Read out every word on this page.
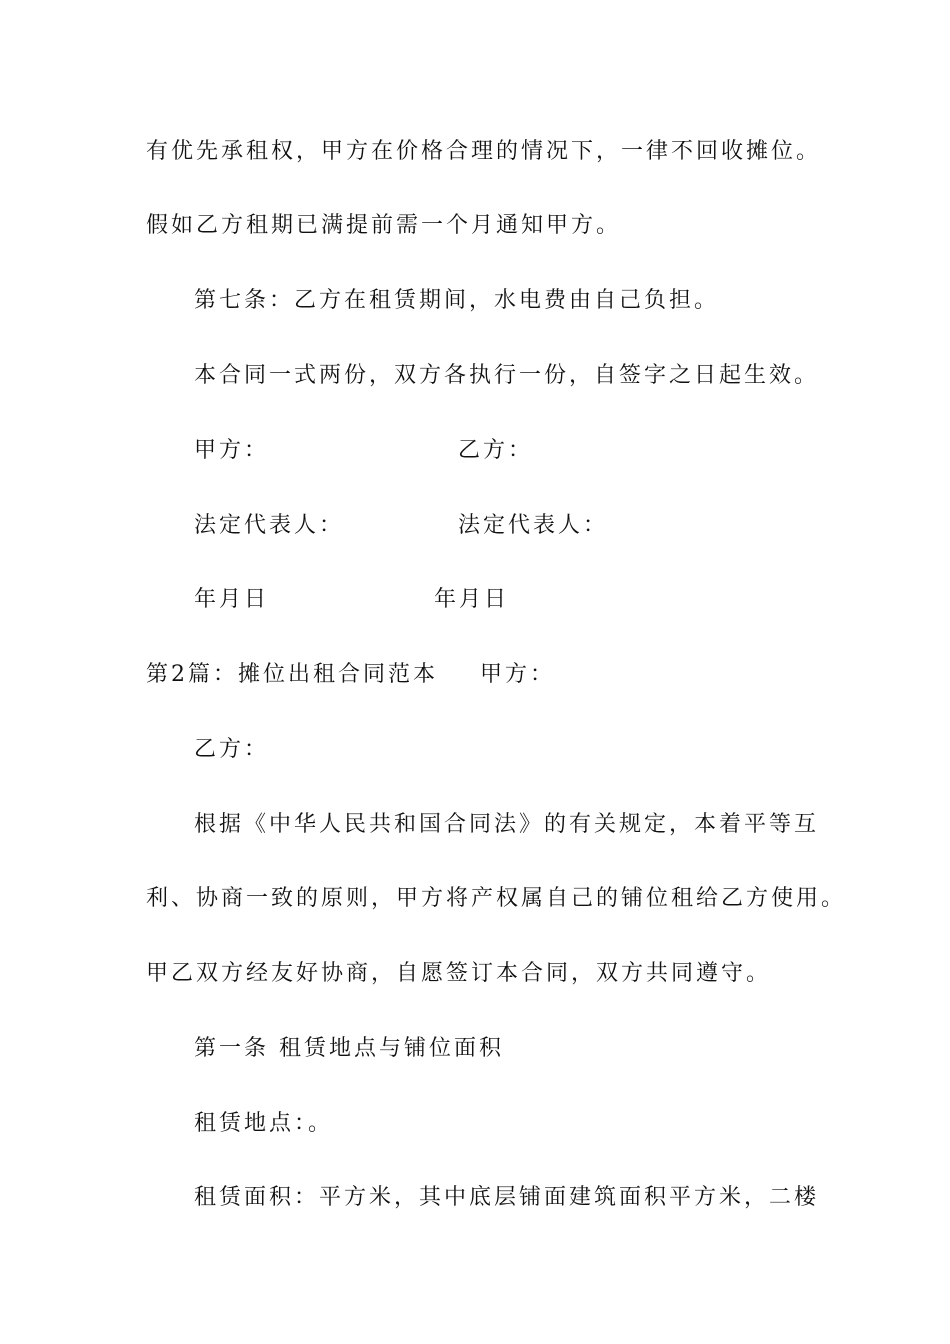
有优先承租权，甲方在价格合理的情况下，一律不回收摊位。
假如乙方租期已满提前需一个月通知甲方。
第七条：乙方在租赁期间，水电费由自己负担。
本合同一式两份，双方各执行一份，自签字之日起生效。
甲方：	乙方：
法定代表人：	法定代表人：
年月日	年月日
第2篇：摊位出租合同范本 甲方：
乙方：
根据《中华人民共和国合同法》的有关规定，本着平等互
利、协商一致的原则，甲方将产权属自己的铺位租给乙方使用。
甲乙双方经友好协商，自愿签订本合同，双方共同遵守。
第一条 租赁地点与铺位面积
租赁地点：。
租赁面积：平方米，其中底层铺面建筑面积平方米，二楼
